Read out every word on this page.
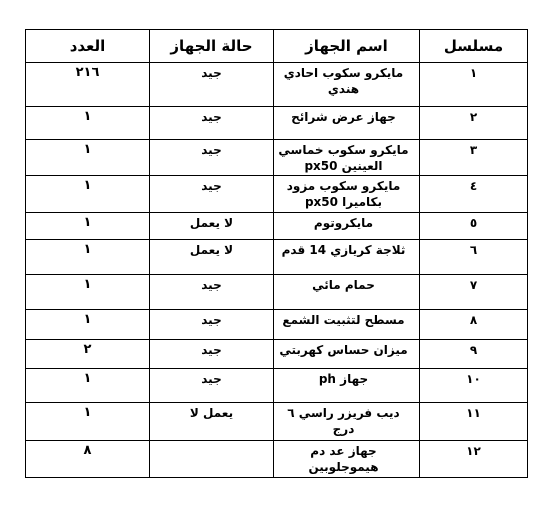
مسلسل	اسم الجهاز	حالة الجهاز	العدد

١	مايكرو سكوب احادي هندي	جيد	٢١٦

٢	جهاز عرض شرائح	جيد	١

٣	مايكرو سكوب خماسي العينين px50	جيد	١

٤	مايكرو سكوب مزود بكاميرا px50	جيد	١

٥	مايكروتوم	لا يعمل	١

٦	ثلاجة كريازي 14 قدم	لا يعمل	١

٧	حمام مائي	جيد	١

٨	مسطح لتثبيت الشمع	جيد	١

٩	ميزان حساس كهربتي	جيد	٢

١٠	جهاز ph	جيد	١

١١	ديب فريزر راسي ٦ درج	يعمل لا	١

١٢	جهاز عد دم هيموجلوبين		٨
